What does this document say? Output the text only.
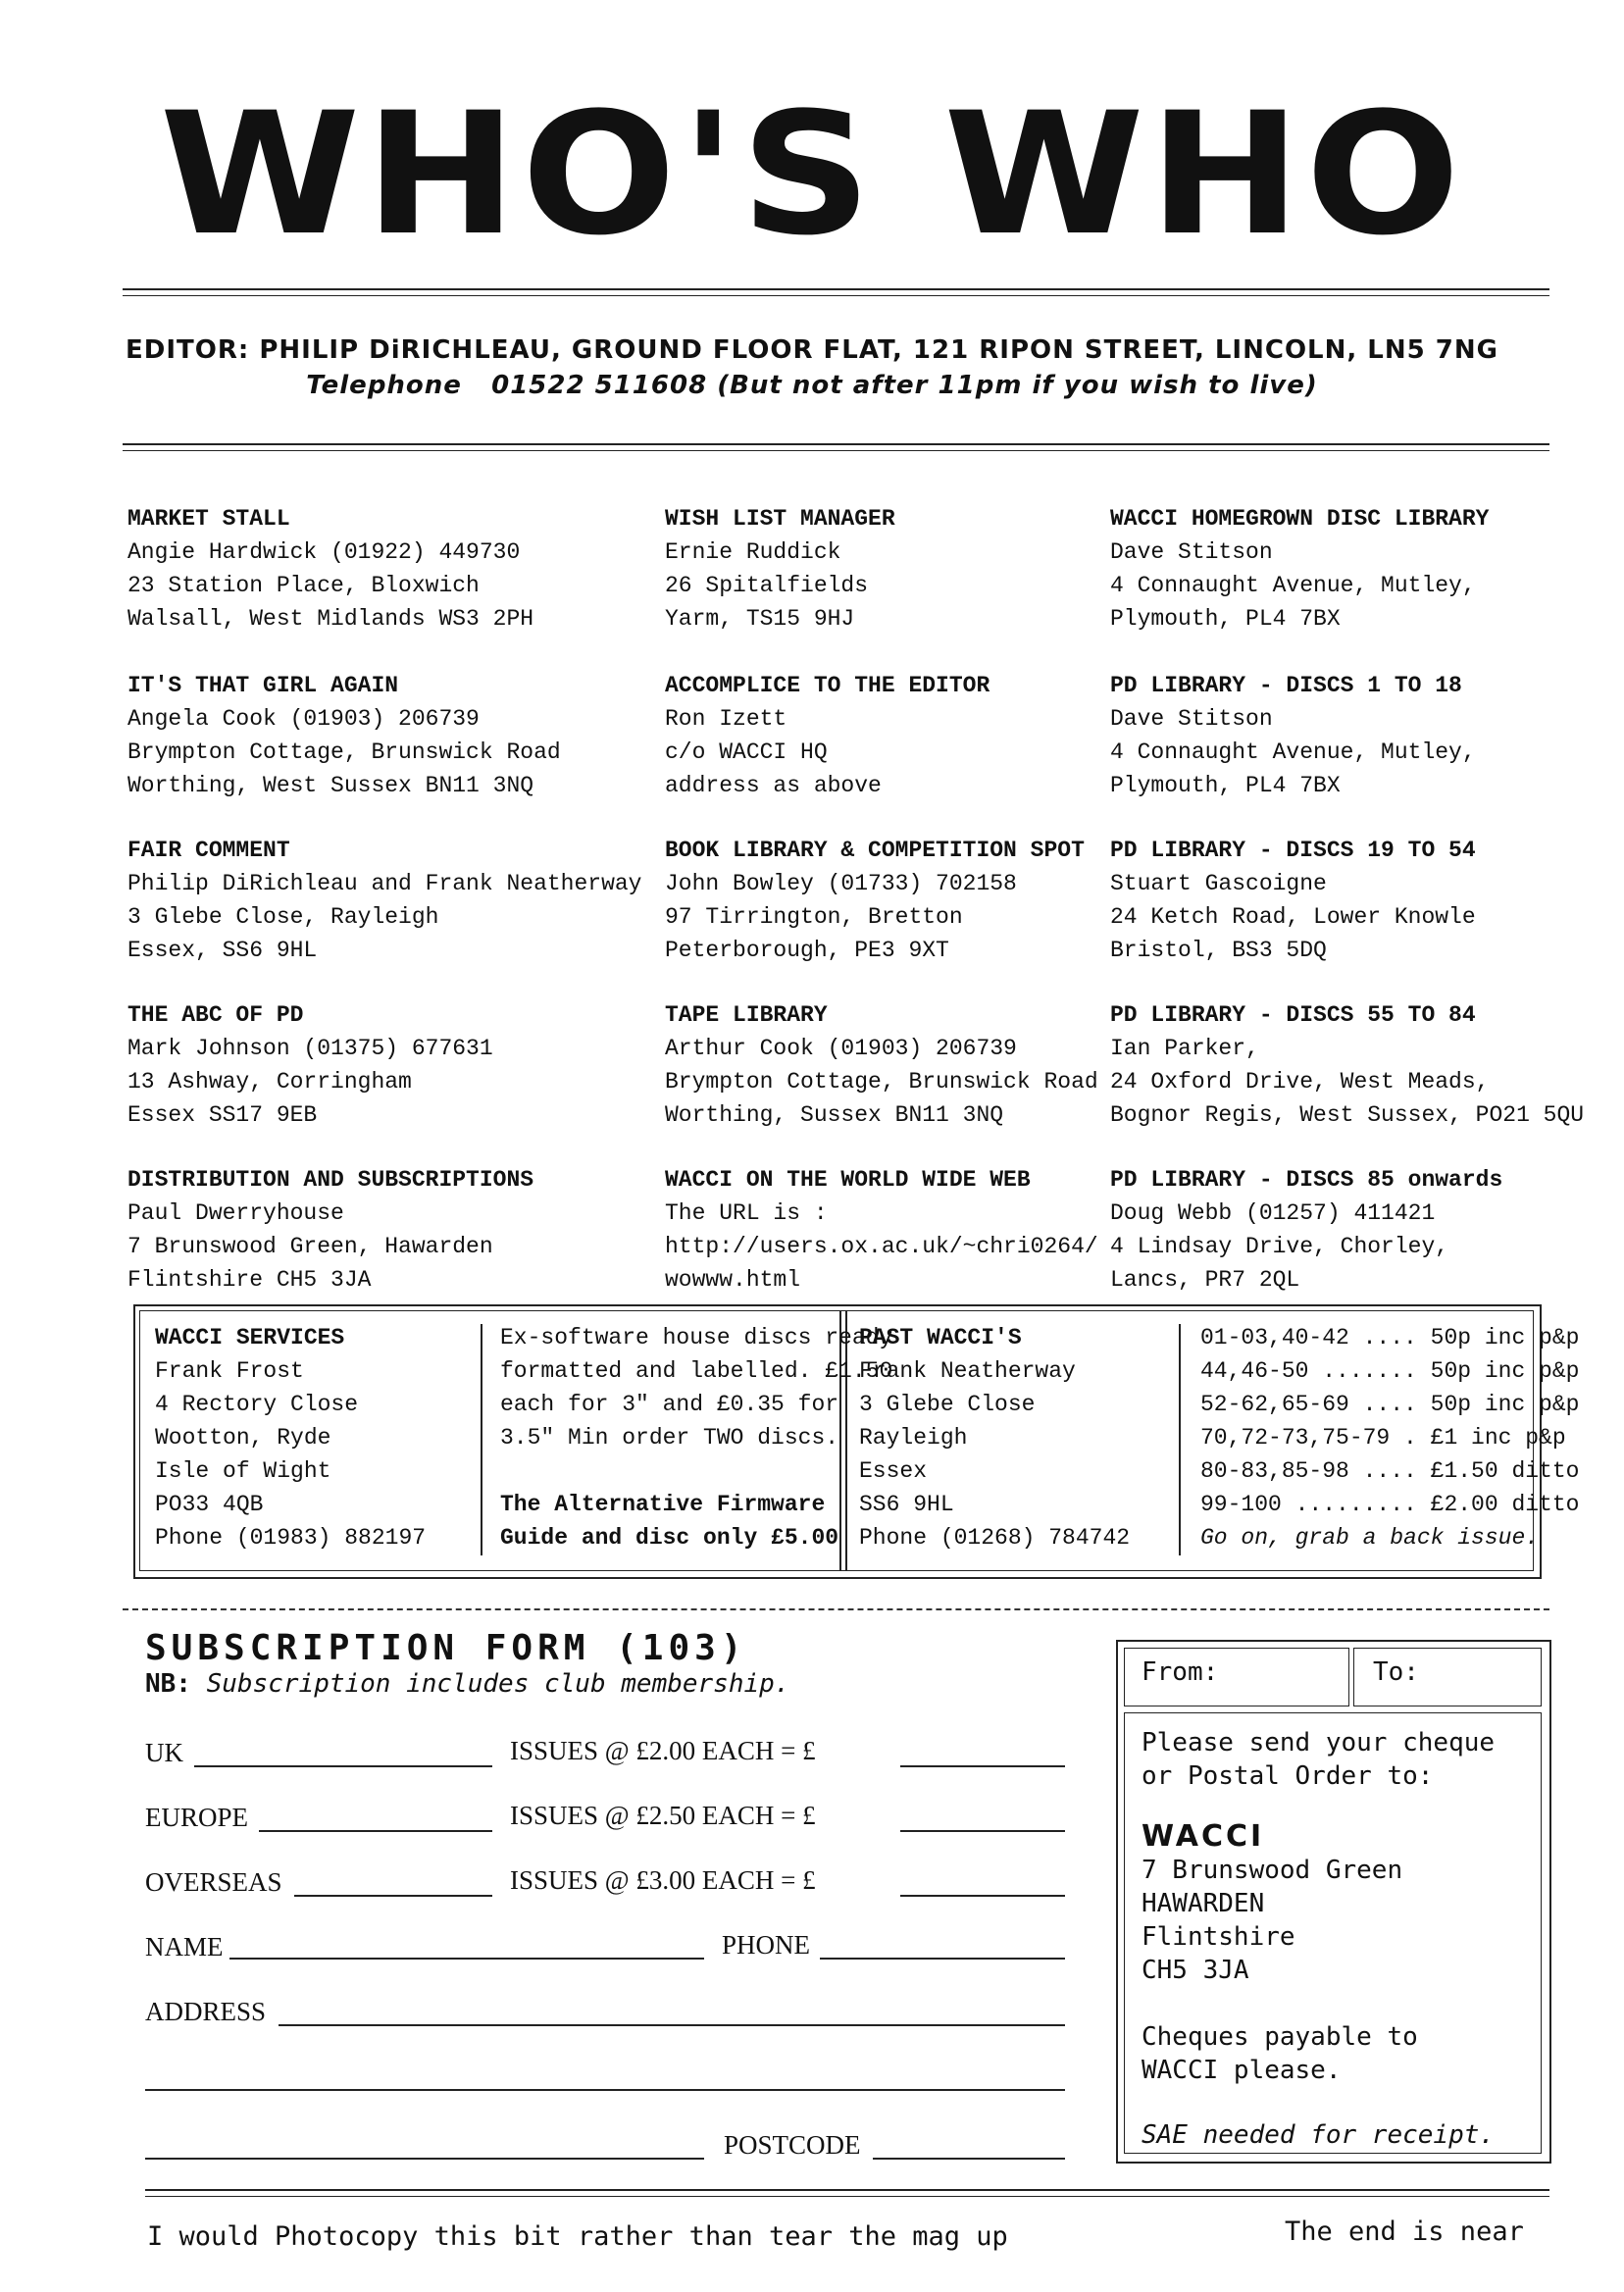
WHO'S WHO
EDITOR: PHILIP DiRICHLEAU, GROUND FLOOR FLAT, 121 RIPON STREET, LINCOLN, LN5 7NG
Telephone 01522 511608 (But not after 11pm if you wish to live)
MARKET STALL
Angie Hardwick (01922) 449730
23 Station Place, Bloxwich
Walsall, West Midlands WS3 2PH
WISH LIST MANAGER
Ernie Ruddick
26 Spitalfields
Yarm, TS15 9HJ
WACCI HOMEGROWN DISC LIBRARY
Dave Stitson
4 Connaught Avenue, Mutley,
Plymouth, PL4 7BX
IT'S THAT GIRL AGAIN
Angela Cook (01903) 206739
Brympton Cottage, Brunswick Road
Worthing, West Sussex BN11 3NQ
ACCOMPLICE TO THE EDITOR
Ron Izett
c/o WACCI HQ
address as above
PD LIBRARY - DISCS 1 TO 18
Dave Stitson
4 Connaught Avenue, Mutley,
Plymouth, PL4 7BX
FAIR COMMENT
Philip DiRichleau and Frank Neatherway
3 Glebe Close, Rayleigh
Essex, SS6 9HL
BOOK LIBRARY & COMPETITION SPOT
John Bowley (01733) 702158
97 Tirrington, Bretton
Peterborough, PE3 9XT
PD LIBRARY - DISCS 19 TO 54
Stuart Gascoigne
24 Ketch Road, Lower Knowle
Bristol, BS3 5DQ
THE ABC OF PD
Mark Johnson (01375) 677631
13 Ashway, Corringham
Essex SS17 9EB
TAPE LIBRARY
Arthur Cook (01903) 206739
Brympton Cottage, Brunswick Road
Worthing, Sussex BN11 3NQ
PD LIBRARY - DISCS 55 TO 84
Ian Parker,
24 Oxford Drive, West Meads,
Bognor Regis, West Sussex, PO21 5QU
DISTRIBUTION AND SUBSCRIPTIONS
Paul Dwerryhouse
7 Brunswood Green, Hawarden
Flintshire CH5 3JA
WACCI ON THE WORLD WIDE WEB
The URL is :
http://users.ox.ac.uk/~chri0264/
wowww.html
PD LIBRARY - DISCS 85 onwards
Doug Webb (01257) 411421
4 Lindsay Drive, Chorley,
Lancs, PR7 2QL
WACCI SERVICES
Frank Frost
4 Rectory Close
Wootton, Ryde
Isle of Wight
PO33 4QB
Phone (01983) 882197
Ex-software house discs ready
formatted and labelled. £1.50
each for 3" and £0.35 for
3.5" Min order TWO discs.
The Alternative Firmware
Guide and disc only £5.00
PAST WACCI'S
Frank Neatherway
3 Glebe Close
Rayleigh
Essex
SS6 9HL
Phone (01268) 784742
01-03,40-42 .... 50p inc p&p
44,46-50 ....... 50p inc p&p
52-62,65-69 .... 50p inc p&p
70,72-73,75-79 . £1 inc p&p
80-83,85-98 .... £1.50 ditto
99-100 ......... £2.00 ditto
Go on, grab a back issue.
SUBSCRIPTION FORM (103)
NB: Subscription includes club membership.
UK	ISSUES @ £2.00 EACH = £
EUROPE	ISSUES @ £2.50 EACH = £
OVERSEAS	ISSUES @ £3.00 EACH = £
NAME	PHONE
ADDRESS
POSTCODE
From:	To:
Please send your cheque
or Postal Order to:
WACCI
7 Brunswood Green
HAWARDEN
Flintshire
CH5 3JA
Cheques payable to
WACCI please.
SAE needed for receipt.
I would Photocopy this bit rather than tear the mag up	The end is near
